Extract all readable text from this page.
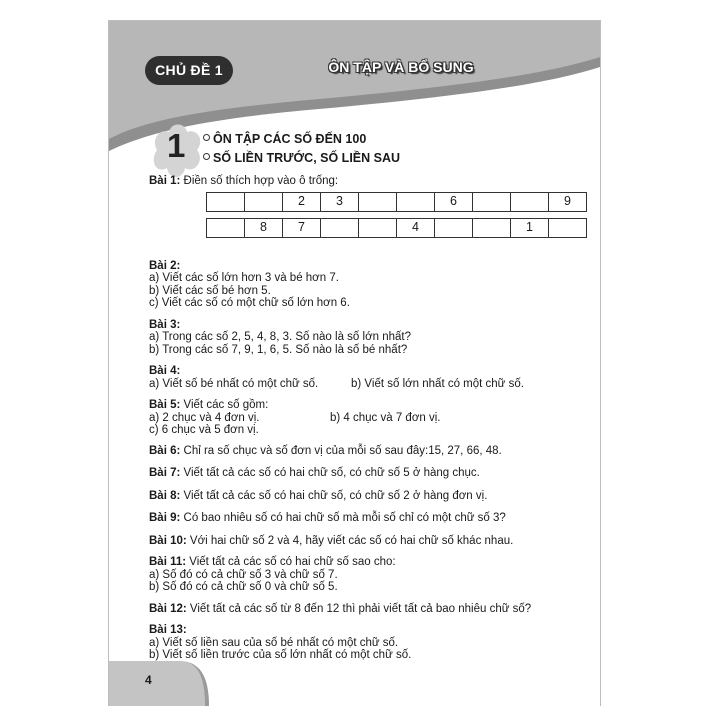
CHỦ ĐỀ 1	ÔN TẬP VÀ BỔ SUNG
1	ÔN TẬP CÁC SỐ ĐẾN 100
SỐ LIỀN TRƯỚC, SỐ LIỀN SAU
Bài 1: Điền số thích hợp vào ô trống:
		2	3			6			9
	8	7			4			1	
Bài 2:
a) Viết các số lớn hơn 3 và bé hơn 7.
b) Viết các số bé hơn 5.
c) Viết các số có một chữ số lớn hơn 6.
Bài 3:
a) Trong các số 2, 5, 4, 8, 3. Số nào là số lớn nhất?
b) Trong các số 7, 9, 1, 6, 5. Số nào là số bé nhất?
Bài 4:
a) Viết số bé nhất có một chữ số.	b) Viết số lớn nhất có một chữ số.
Bài 5: Viết các số gồm:
a) 2 chục và 4 đơn vị.	b) 4 chục và 7 đơn vị.
c) 6 chục và 5 đơn vị.
Bài 6: Chỉ ra số chục và số đơn vị của mỗi số sau đây:15, 27, 66, 48.
Bài 7: Viết tất cả các số có hai chữ số, có chữ số 5 ở hàng chục.
Bài 8: Viết tất cả các số có hai chữ số, có chữ số 2 ở hàng đơn vị.
Bài 9: Có bao nhiêu số có hai chữ số mà mỗi số chỉ có một chữ số 3?
Bài 10: Với hai chữ số 2 và 4, hãy viết các số có hai chữ số khác nhau.
Bài 11: Viết tất cả các số có hai chữ số sao cho:
a) Số đó có cả chữ số 3 và chữ số 7.
b) Số đó có cả chữ số 0 và chữ số 5.
Bài 12: Viết tất cả các số từ 8 đến 12 thì phải viết tất cả bao nhiêu chữ số?
Bài 13:
a) Viết số liền sau của số bé nhất có một chữ số.
b) Viết số liền trước của số lớn nhất có một chữ số.
4
